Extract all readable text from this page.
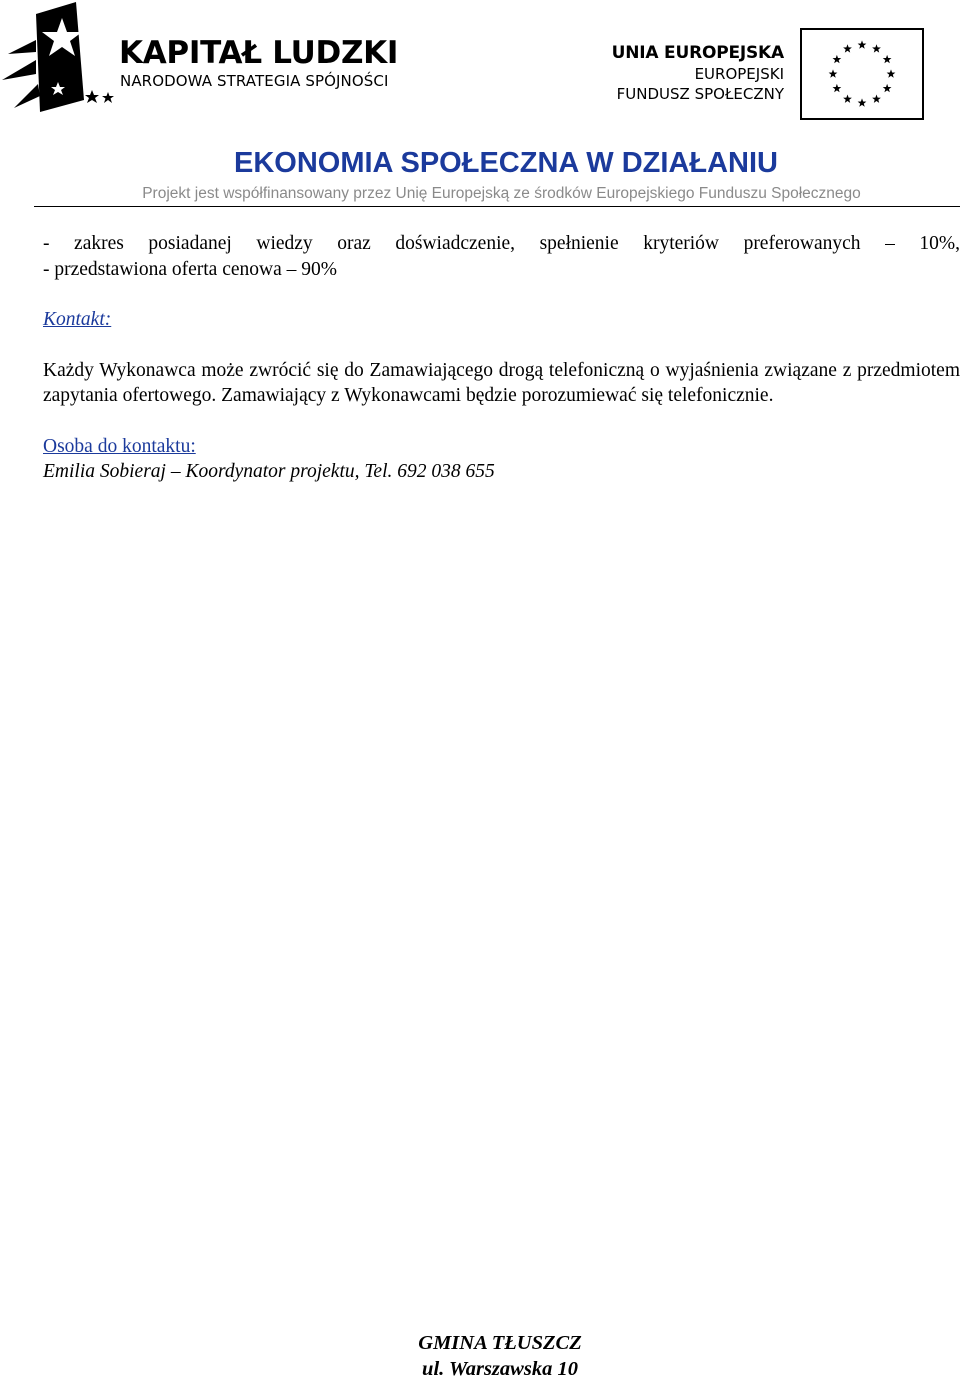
KAPITAŁ LUDZKI

NARODOWA STRATEGIA SPÓJNOŚCI

UNIA EUROPEJSKA
EUROPEJSKI
FUNDUSZ SPOŁECZNY
EKONOMIA SPOŁECZNA W DZIAŁANIU

Projekt jest współfinansowany przez Unię Europejską ze środków Europejskiego Funduszu Społecznego

- zakres posiadanej wiedzy oraz doświadczenie, spełnienie kryteriów preferowanych – 10%,

- przedstawiona oferta cenowa – 90%

Kontakt:

Każdy Wykonawca może zwrócić się do Zamawiającego drogą telefoniczną o wyjaśnienia związane z przedmiotem zapytania ofertowego. Zamawiający z Wykonawcami będzie porozumiewać się telefonicznie.

Osoba do kontaktu:

Emilia Sobieraj – Koordynator projektu, Tel. 692 038 655

GMINA TŁUSZCZ
ul. Warszawska 10
